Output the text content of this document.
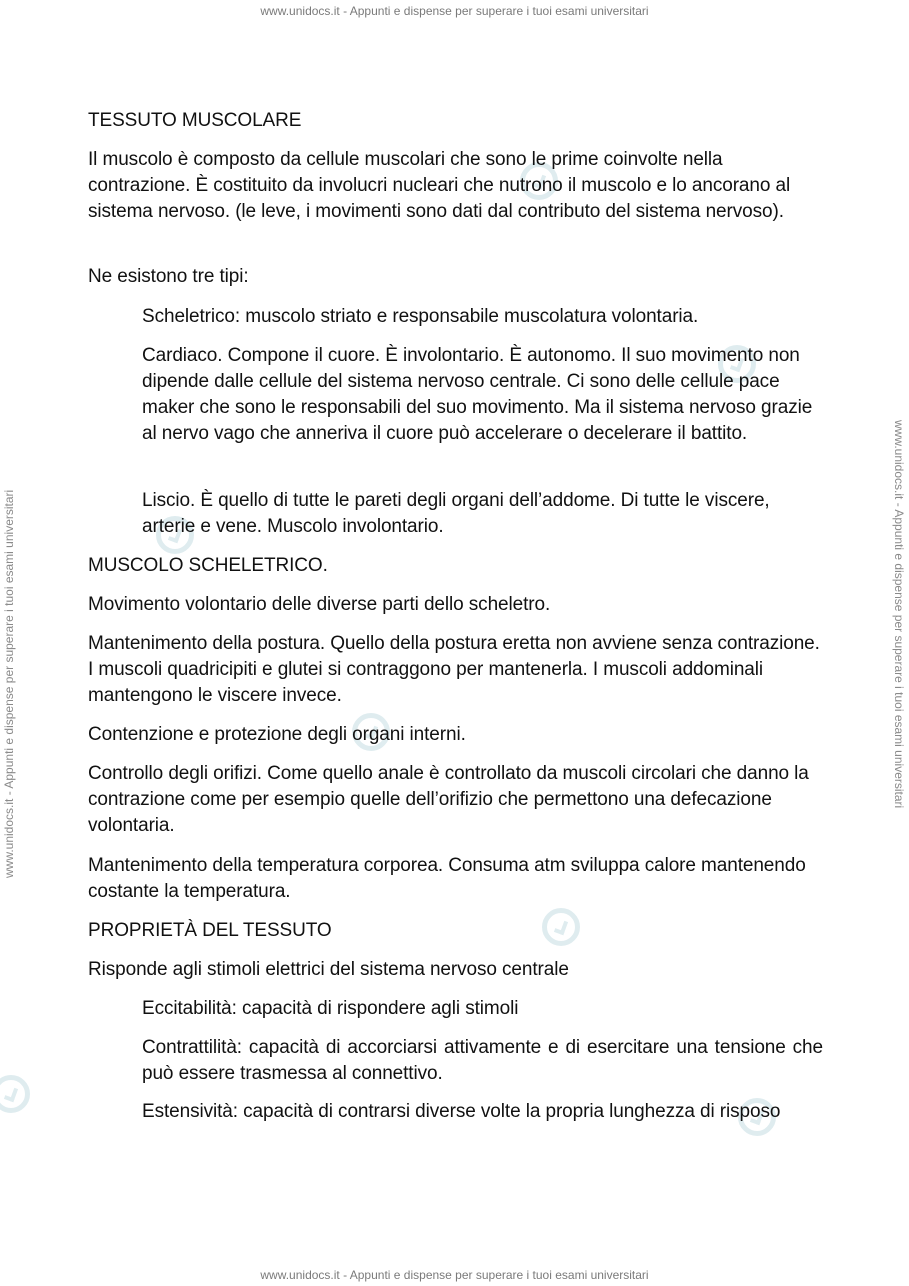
www.unidocs.it - Appunti e dispense per superare i tuoi esami universitari
www.unidocs.it - Appunti e dispense per superare i tuoi esami universitari
www.unidocs.it - Appunti e dispense per superare i tuoi esami universitari	www.unidocs.it - Appunti e dispense per superare i tuoi esami universitari
TESSUTO MUSCOLARE
Il muscolo è composto da cellule muscolari che sono le prime coinvolte nella contrazione. È costituito da involucri nucleari che nutrono il muscolo e lo ancorano al sistema nervoso. (le leve, i movimenti sono dati dal contributo del sistema nervoso).
Ne esistono tre tipi:
Scheletrico: muscolo striato e responsabile muscolatura volontaria.
Cardiaco. Compone il cuore. È involontario. È autonomo. Il suo movimento non dipende dalle cellule del sistema nervoso centrale. Ci sono delle cellule pace maker che sono le responsabili del suo movimento. Ma il sistema nervoso grazie al nervo vago che anneriva il cuore può accelerare o decelerare il battito.
Liscio. È quello di tutte le pareti degli organi dell’addome. Di tutte le viscere, arterie e vene. Muscolo involontario.
MUSCOLO SCHELETRICO.
Movimento volontario delle diverse parti dello scheletro.
Mantenimento della postura. Quello della postura eretta non avviene senza contrazione. I muscoli quadricipiti e glutei si contraggono per mantenerla. I muscoli addominali mantengono le viscere invece.
Contenzione e protezione degli organi interni.
Controllo degli orifizi. Come quello anale è controllato da muscoli circolari che danno la contrazione come per esempio quelle dell’orifizio che permettono una defecazione volontaria.
Mantenimento della temperatura corporea. Consuma atm sviluppa calore mantenendo costante la temperatura.
PROPRIETÀ DEL TESSUTO
Risponde agli stimoli elettrici del sistema nervoso centrale
Eccitabilità: capacità di rispondere agli stimoli
Contrattilità: capacità di accorciarsi attivamente e di esercitare una tensione che può essere trasmessa al connettivo.
Estensività: capacità di contrarsi diverse volte la propria lunghezza di risposo
